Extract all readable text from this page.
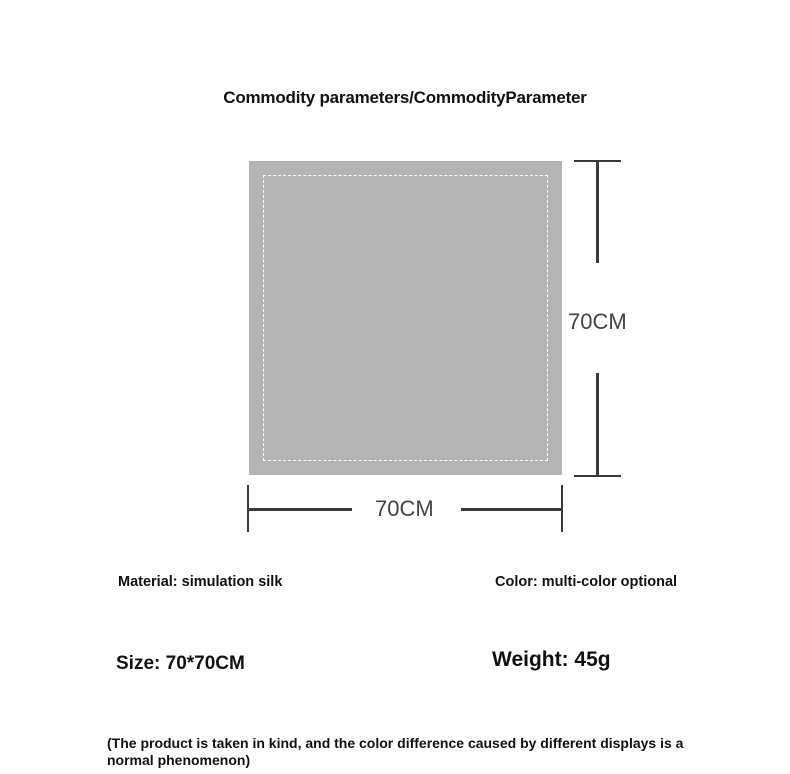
Commodity parameters/CommodityParameter
70CM
70CM
Material: simulation silk	Color: multi-color optional
Size: 70*70CM	Weight: 45g
(The product is taken in kind, and the color difference caused by different displays is a normal phenomenon)
